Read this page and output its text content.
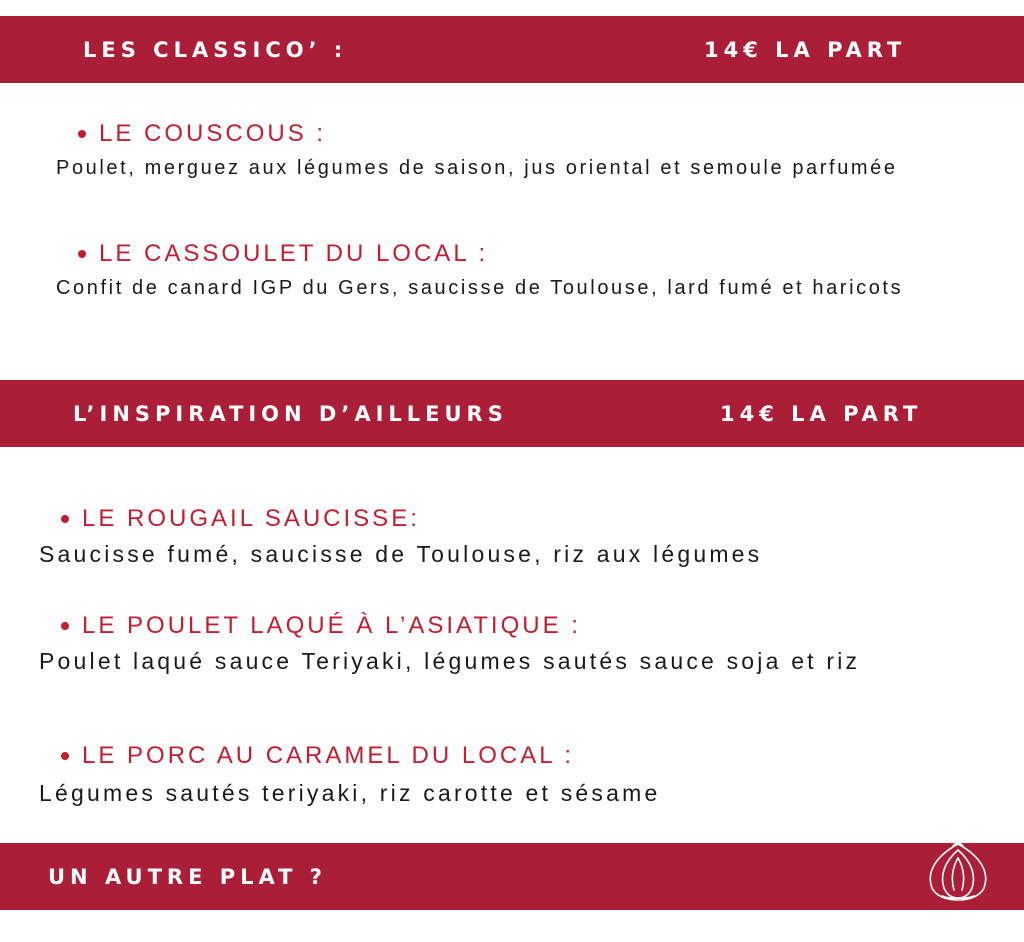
LES CLASSICO’ :	14€ LA PART
LE COUSCOUS :
Poulet, merguez aux légumes de saison, jus oriental et semoule parfumée
LE CASSOULET DU LOCAL :
Confit de canard IGP du Gers, saucisse de Toulouse, lard fumé et haricots
L’INSPIRATION D’AILLEURS	14€ LA PART
LE ROUGAIL SAUCISSE:
Saucisse fumé, saucisse de Toulouse, riz aux légumes
LE POULET LAQUÉ À L’ASIATIQUE :
Poulet laqué sauce Teriyaki, légumes sautés sauce soja et riz
LE PORC AU CARAMEL DU LOCAL :
Légumes sautés teriyaki, riz carotte et sésame
UN AUTRE PLAT ?
